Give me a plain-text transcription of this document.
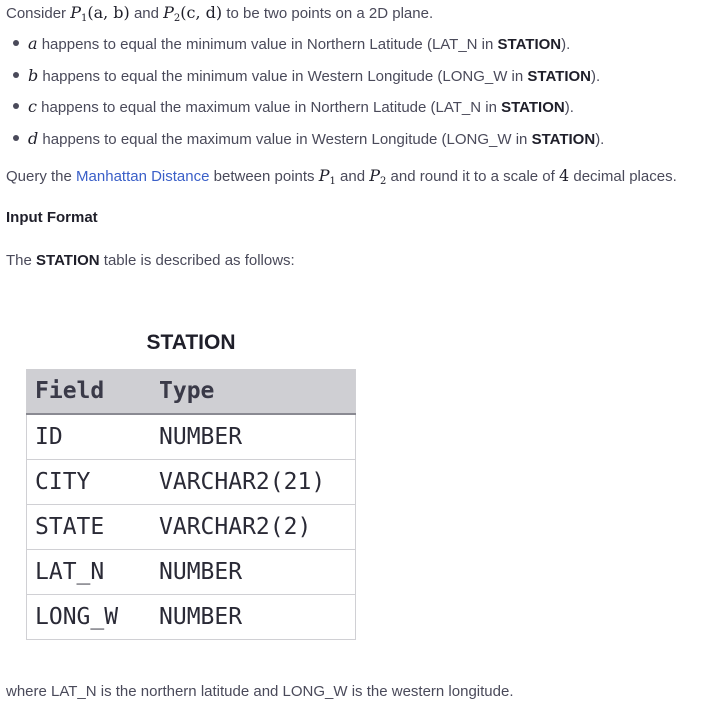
Consider $P_1(a$, b) and $P_2(c$, d) to be two points on a 2D plane.
a happens to equal the minimum value in Northern Latitude (LAT_N in STATION).
b happens to equal the minimum value in Western Longitude (LONG_W in STATION).
c happens to equal the maximum value in Northern Latitude (LAT_N in STATION).
d happens to equal the maximum value in Western Longitude (LONG_W in STATION).
Query the Manhattan Distance between points $P_1$ and $P_2$ and round it to a scale of 4 decimal places.
Input Format
The STATION table is described as follows:
STATION
Field	Type
ID	NUMBER
CITY	VARCHAR2(21)
STATE	VARCHAR2(2)
LAT_N	NUMBER
LONG_W	NUMBER
where LAT_N is the northern latitude and LONG_W is the western longitude.
